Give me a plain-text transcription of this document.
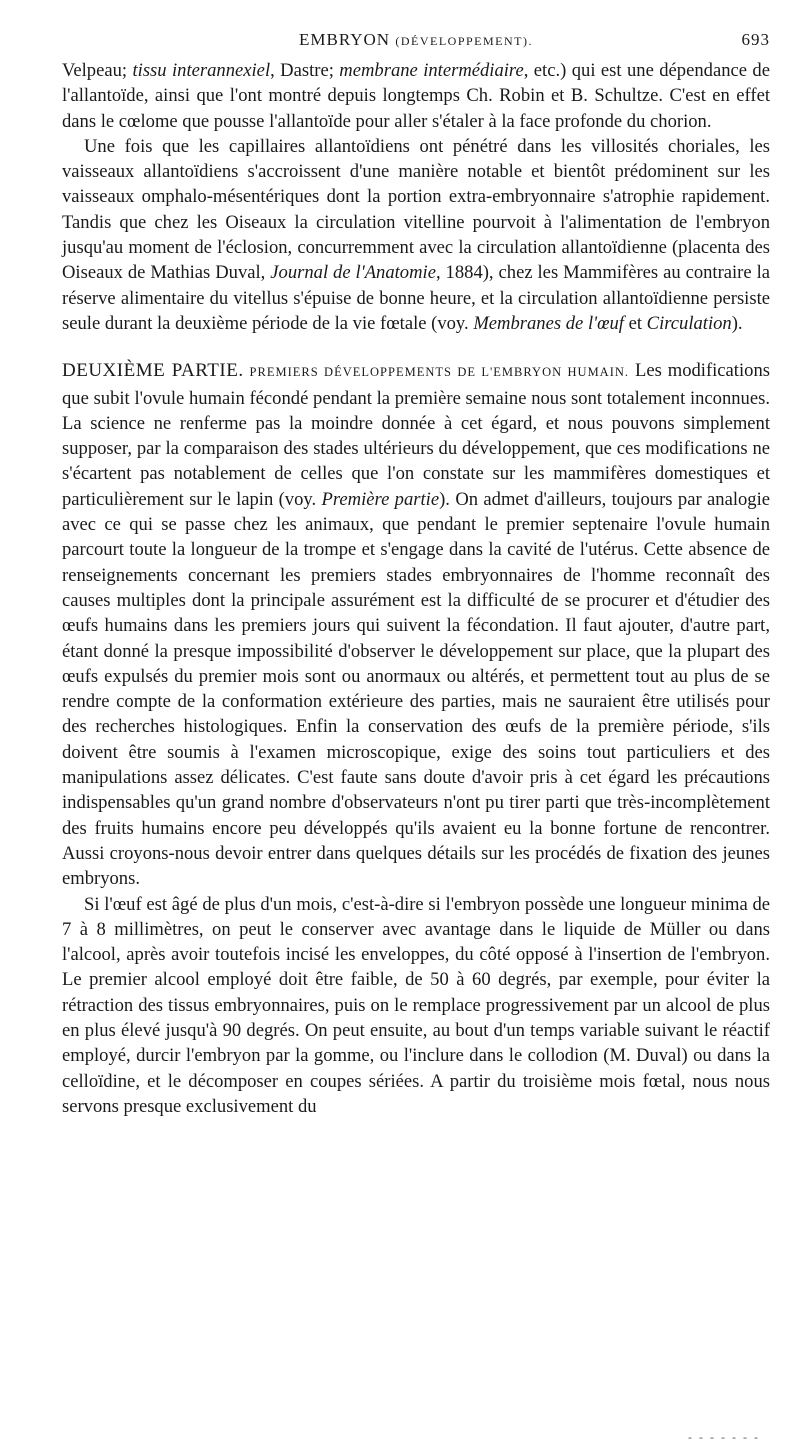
EMBRYON (DÉVELOPPEMENT).	693

Velpeau; tissu interannexiel, Dastre; membrane intermédiaire, etc.) qui est une dépendance de l'allantoïde, ainsi que l'ont montré depuis longtemps Ch. Robin et B. Schultze. C'est en effet dans le cœlome que pousse l'allantoïde pour aller s'étaler à la face profonde du chorion.

Une fois que les capillaires allantoïdiens ont pénétré dans les villosités choriales, les vaisseaux allantoïdiens s'accroissent d'une manière notable et bientôt prédominent sur les vaisseaux omphalo-mésentériques dont la portion extra-embryonnaire s'atrophie rapidement. Tandis que chez les Oiseaux la circulation vitelline pourvoit à l'alimentation de l'embryon jusqu'au moment de l'éclosion, concurremment avec la circulation allantoïdienne (placenta des Oiseaux de Mathias Duval, Journal de l'Anatomie, 1884), chez les Mammifères au contraire la réserve alimentaire du vitellus s'épuise de bonne heure, et la circulation allantoïdienne persiste seule durant la deuxième période de la vie fœtale (voy. Membranes de l'œuf et Circulation).

DEUXIÈME PARTIE. PREMIERS DÉVELOPPEMENTS DE L'EMBRYON HUMAIN. Les modifications que subit l'ovule humain fécondé pendant la première semaine nous sont totalement inconnues. La science ne renferme pas la moindre donnée à cet égard, et nous pouvons simplement supposer, par la comparaison des stades ultérieurs du développement, que ces modifications ne s'écartent pas notablement de celles que l'on constate sur les mammifères domestiques et particulièrement sur le lapin (voy. Première partie). On admet d'ailleurs, toujours par analogie avec ce qui se passe chez les animaux, que pendant le premier septenaire l'ovule humain parcourt toute la longueur de la trompe et s'engage dans la cavité de l'utérus. Cette absence de renseignements concernant les premiers stades embryonnaires de l'homme reconnaît des causes multiples dont la principale assurément est la difficulté de se procurer et d'étudier des œufs humains dans les premiers jours qui suivent la fécondation. Il faut ajouter, d'autre part, étant donné la presque impossibilité d'observer le développement sur place, que la plupart des œufs expulsés du premier mois sont ou anormaux ou altérés, et permettent tout au plus de se rendre compte de la conformation extérieure des parties, mais ne sauraient être utilisés pour des recherches histologiques. Enfin la conservation des œufs de la première période, s'ils doivent être soumis à l'examen microscopique, exige des soins tout particuliers et des manipulations assez délicates. C'est faute sans doute d'avoir pris à cet égard les précautions indispensables qu'un grand nombre d'observateurs n'ont pu tirer parti que très-incomplètement des fruits humains encore peu développés qu'ils avaient eu la bonne fortune de rencontrer. Aussi croyons-nous devoir entrer dans quelques détails sur les procédés de fixation des jeunes embryons.

Si l'œuf est âgé de plus d'un mois, c'est-à-dire si l'embryon possède une longueur minima de 7 à 8 millimètres, on peut le conserver avec avantage dans le liquide de Müller ou dans l'alcool, après avoir toutefois incisé les enveloppes, du côté opposé à l'insertion de l'embryon. Le premier alcool employé doit être faible, de 50 à 60 degrés, par exemple, pour éviter la rétraction des tissus embryonnaires, puis on le remplace progressivement par un alcool de plus en plus élevé jusqu'à 90 degrés. On peut ensuite, au bout d'un temps variable suivant le réactif employé, durcir l'embryon par la gomme, ou l'inclure dans le collodion (M. Duval) ou dans la celloïdine, et le décomposer en coupes sériées. A partir du troisième mois fœtal, nous nous servons presque exclusivement du

- - - - - - -
